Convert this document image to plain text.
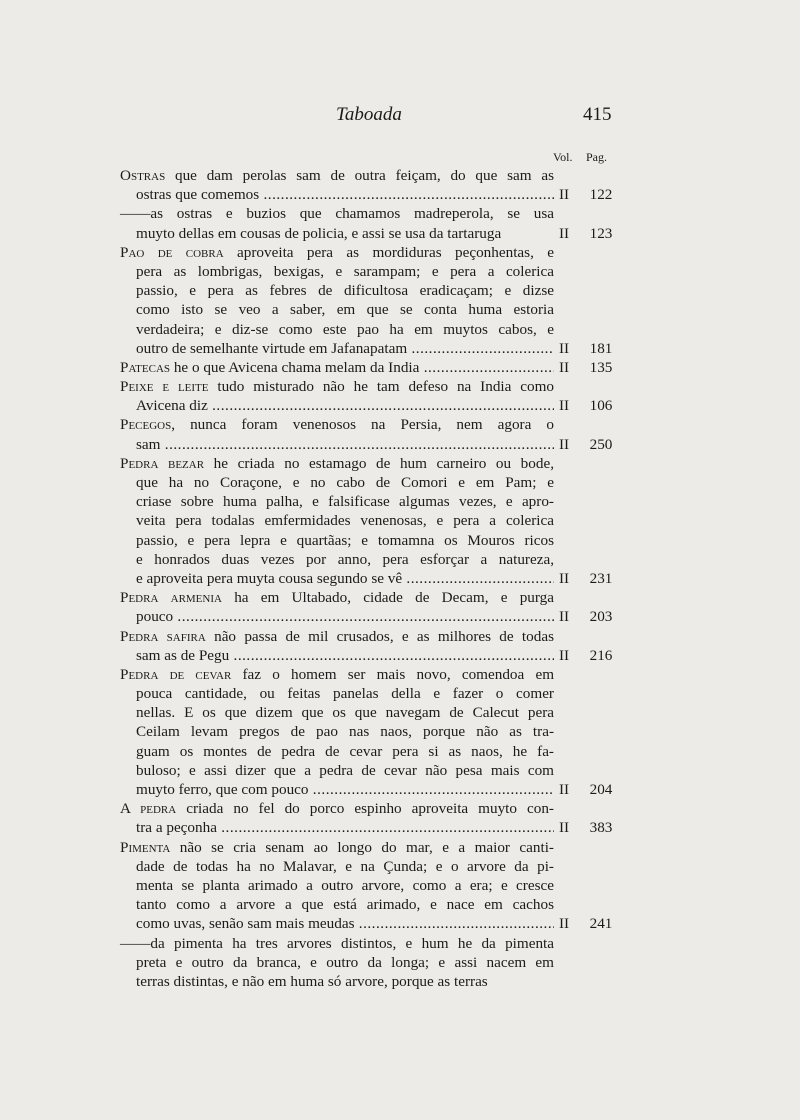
Taboada	415
Vol. Pag.
Ostras que dam perolas sam de outra feiçam, do que sam as
ostras que comemos .....	II	122
——as ostras e buzios que chamamos madreperola, se usa
muyto dellas em cousas de policia, e assi se usa da tartaruga	II	123
Pao de cobra aproveita pera as mordiduras peçonhentas, e
pera as lombrigas, bexigas, e sarampam; e pera a colerica
passio, e pera as febres de dificultosa eradicaçam; e dizse
como isto se veo a saber, em que se conta huma estoria
verdadeira; e diz-se como este pao ha em muytos cabos, e
outro de semelhante virtude em Jafanapatam .....	II	181
Patecas he o que Avicena chama melam da India .....	II	135
Peixe e leite tudo misturado não he tam defeso na India como
Avicena diz .....	II	106
Pecegos, nunca foram venenosos na Persia, nem agora o
sam .....	II	250
Pedra bezar he criada no estamago de hum carneiro ou bode,
que ha no Coraçone, e no cabo de Comori e em Pam; e
criase sobre huma palha, e falsificase algumas vezes, e apro-
veita pera todalas emfermidades venenosas, e pera a colerica
passio, e pera lepra e quartãas; e tomamna os Mouros ricos
e honrados duas vezes por anno, pera esforçar a natureza,
e aproveita pera muyta cousa segundo se vê .....	II	231
Pedra armenia ha em Ultabado, cidade de Decam, e purga
pouco .....	II	203
Pedra safira não passa de mil crusados, e as milhores de todas
sam as de Pegu .....	II	216
Pedra de cevar faz o homem ser mais novo, comendoa em
pouca cantidade, ou feitas panelas della e fazer o comer
nellas. E os que dizem que os que navegam de Calecut pera
Ceilam levam pregos de pao nas naos, porque não as tra-
guam os montes de pedra de cevar pera si as naos, he fa-
buloso; e assi dizer que a pedra de cevar não pesa mais com
muyto ferro, que com pouco .....	II	204
A pedra criada no fel do porco espinho aproveita muyto con-
tra a peçonha .....	II	383
Pimenta não se cria senam ao longo do mar, e a maior canti-
dade de todas ha no Malavar, e na Çunda; e o arvore da pi-
menta se planta arimado a outro arvore, como a era; e cresce
tanto como a arvore a que está arimado, e nace em cachos
como uvas, senão sam mais meudas .....	II	241
——da pimenta ha tres arvores distintos, e hum he da pimenta
preta e outro da branca, e outro da longa; e assi nacem em
terras distintas, e não em huma só arvore, porque as terras
